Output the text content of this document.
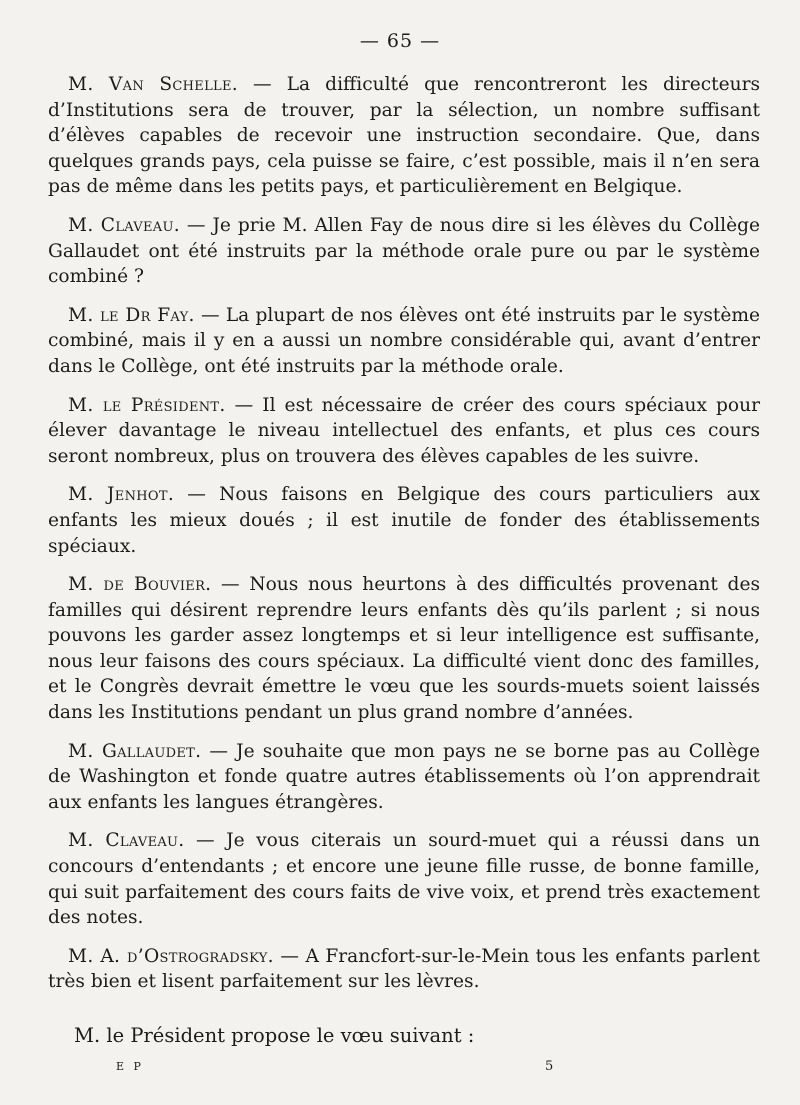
— 65 —

M. Van Schelle. — La difficulté que rencontreront les directeurs d’Institutions sera de trouver, par la sélection, un nombre suffisant d’élèves capables de recevoir une instruction secondaire. Que, dans quelques grands pays, cela puisse se faire, c’est possible, mais il n’en sera pas de même dans les petits pays, et particulièrement en Belgique.

M. Claveau. — Je prie M. Allen Fay de nous dire si les élèves du Collège Gallaudet ont été instruits par la méthode orale pure ou par le système combiné ?

M. le Dr Fay. — La plupart de nos élèves ont été instruits par le système combiné, mais il y en a aussi un nombre considérable qui, avant d’entrer dans le Collège, ont été instruits par la méthode orale.

M. le Président. — Il est nécessaire de créer des cours spéciaux pour élever davantage le niveau intellectuel des enfants, et plus ces cours seront nombreux, plus on trouvera des élèves capables de les suivre.

M. Jenhot. — Nous faisons en Belgique des cours particuliers aux enfants les mieux doués ; il est inutile de fonder des établissements spéciaux.

M. de Bouvier. — Nous nous heurtons à des difficultés provenant des familles qui désirent reprendre leurs enfants dès qu’ils parlent ; si nous pouvons les garder assez longtemps et si leur intelligence est suffisante, nous leur faisons des cours spéciaux. La difficulté vient donc des familles, et le Congrès devrait émettre le vœu que les sourds-muets soient laissés dans les Institutions pendant un plus grand nombre d’années.

M. Gallaudet. — Je souhaite que mon pays ne se borne pas au Collège de Washington et fonde quatre autres établissements où l’on apprendrait aux enfants les langues étrangères.

M. Claveau. — Je vous citerais un sourd-muet qui a réussi dans un concours d’entendants ; et encore une jeune fille russe, de bonne famille, qui suit parfaitement des cours faits de vive voix, et prend très exactement des notes.

M. A. d’Ostrogradsky. — A Francfort-sur-le-Mein tous les enfants parlent très bien et lisent parfaitement sur les lèvres.

M. le Président propose le vœu suivant :
E P	5
